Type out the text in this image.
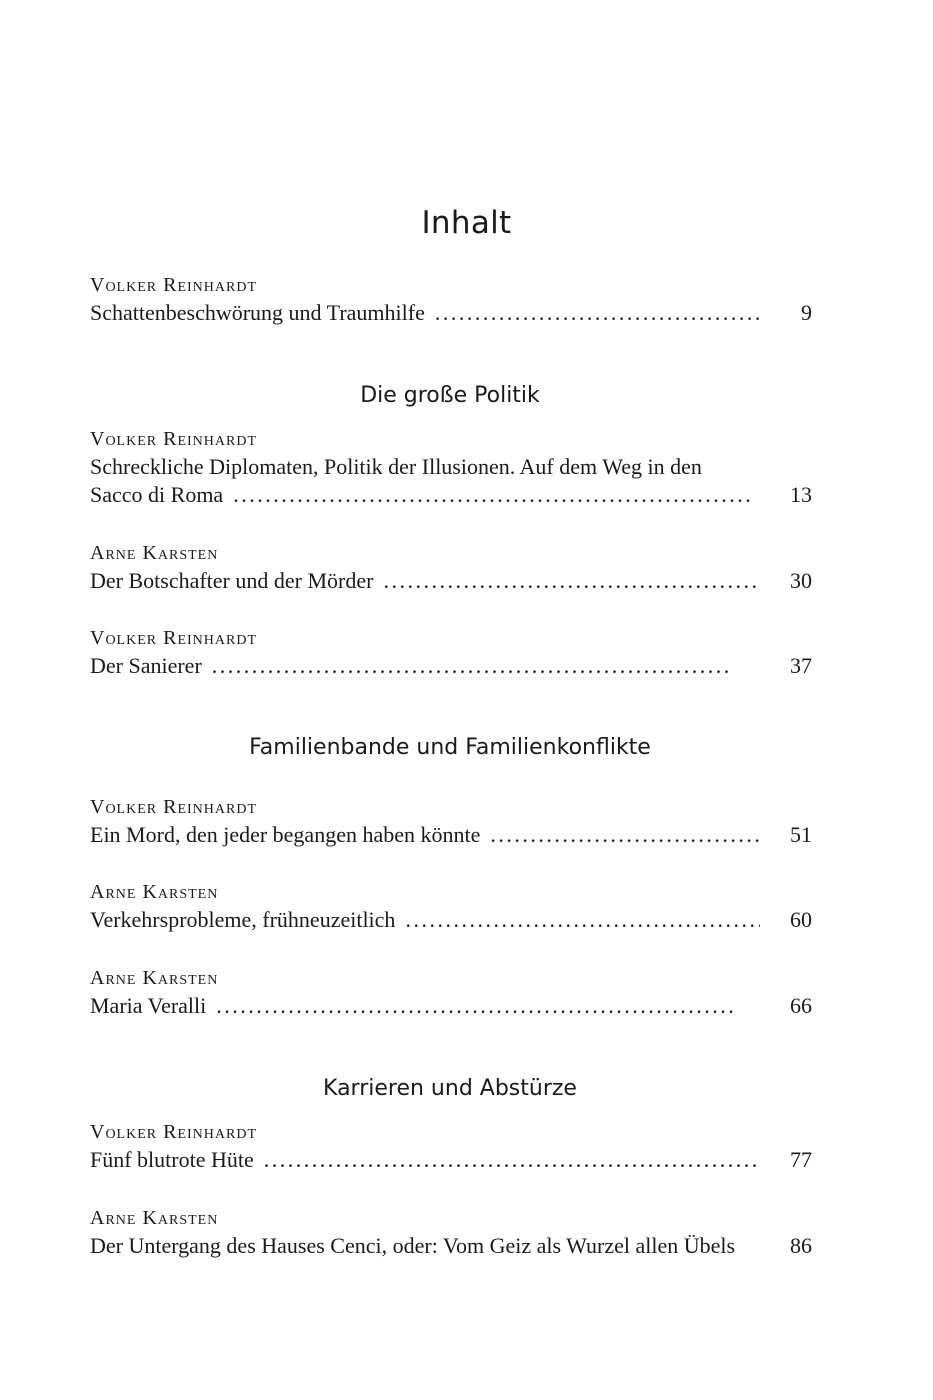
Inhalt
Volker Reinhardt
Schattenbeschwörung und Traumhilfe . .	9
Die große Politik
Volker Reinhardt
Schreckliche Diplomaten, Politik der Illusionen. Auf dem Weg in den
Sacco di Roma . .	13
Arne Karsten
Der Botschafter und der Mörder . .	30
Volker Reinhardt
Der Sanierer . .	37
Familienbande und Familienkonflikte
Volker Reinhardt
Ein Mord, den jeder begangen haben könnte . .	51
Arne Karsten
Verkehrsprobleme, frühneuzeitlich . .	60
Arne Karsten
Maria Veralli . .	66
Karrieren und Abstürze
Volker Reinhardt
Fünf blutrote Hüte . .	77
Arne Karsten
Der Untergang des Hauses Cenci, oder: Vom Geiz als Wurzel allen Übels	86
